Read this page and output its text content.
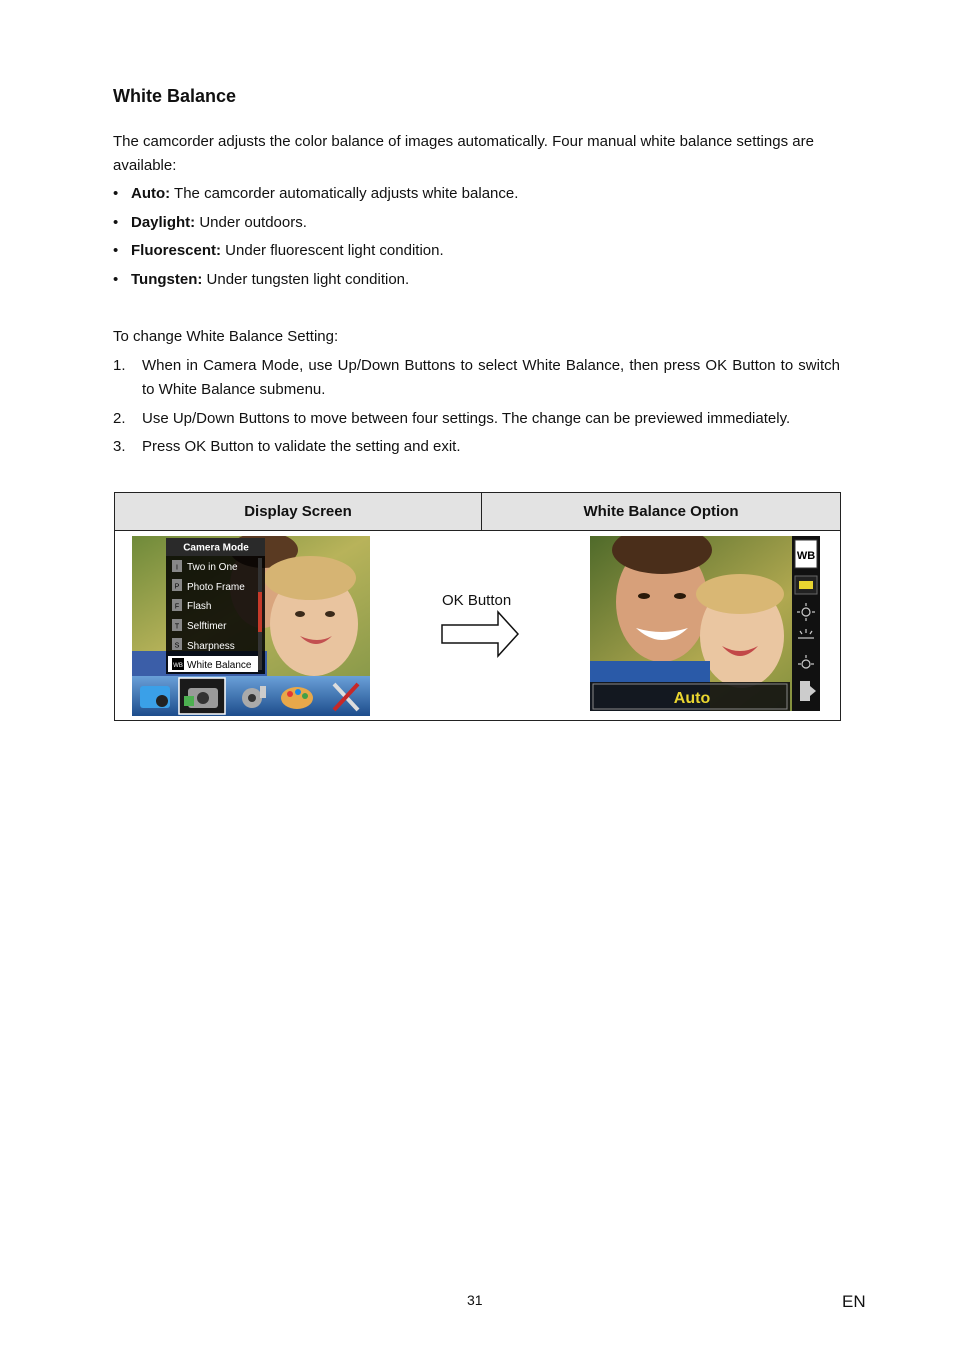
White Balance

The camcorder adjusts the color balance of images automatically. Four manual white balance settings are available:

• Auto: The camcorder automatically adjusts white balance.
• Daylight: Under outdoors.
• Fluorescent: Under fluorescent light condition.
• Tungsten: Under tungsten light condition.

To change White Balance Setting:

1. When in Camera Mode, use Up/Down Buttons to select White Balance, then press OK Button to switch to White Balance submenu.
2. Use Up/Down Buttons to move between four settings. The change can be previewed immediately.
3. Press OK Button to validate the setting and exit.
Display Screen	White Balance Option
Camera Mode
I Two in One
P Photo Frame
F Flash
T Selftimer
S Sharpness
WB White Balance

OK Button

Auto
WB

31	EN
